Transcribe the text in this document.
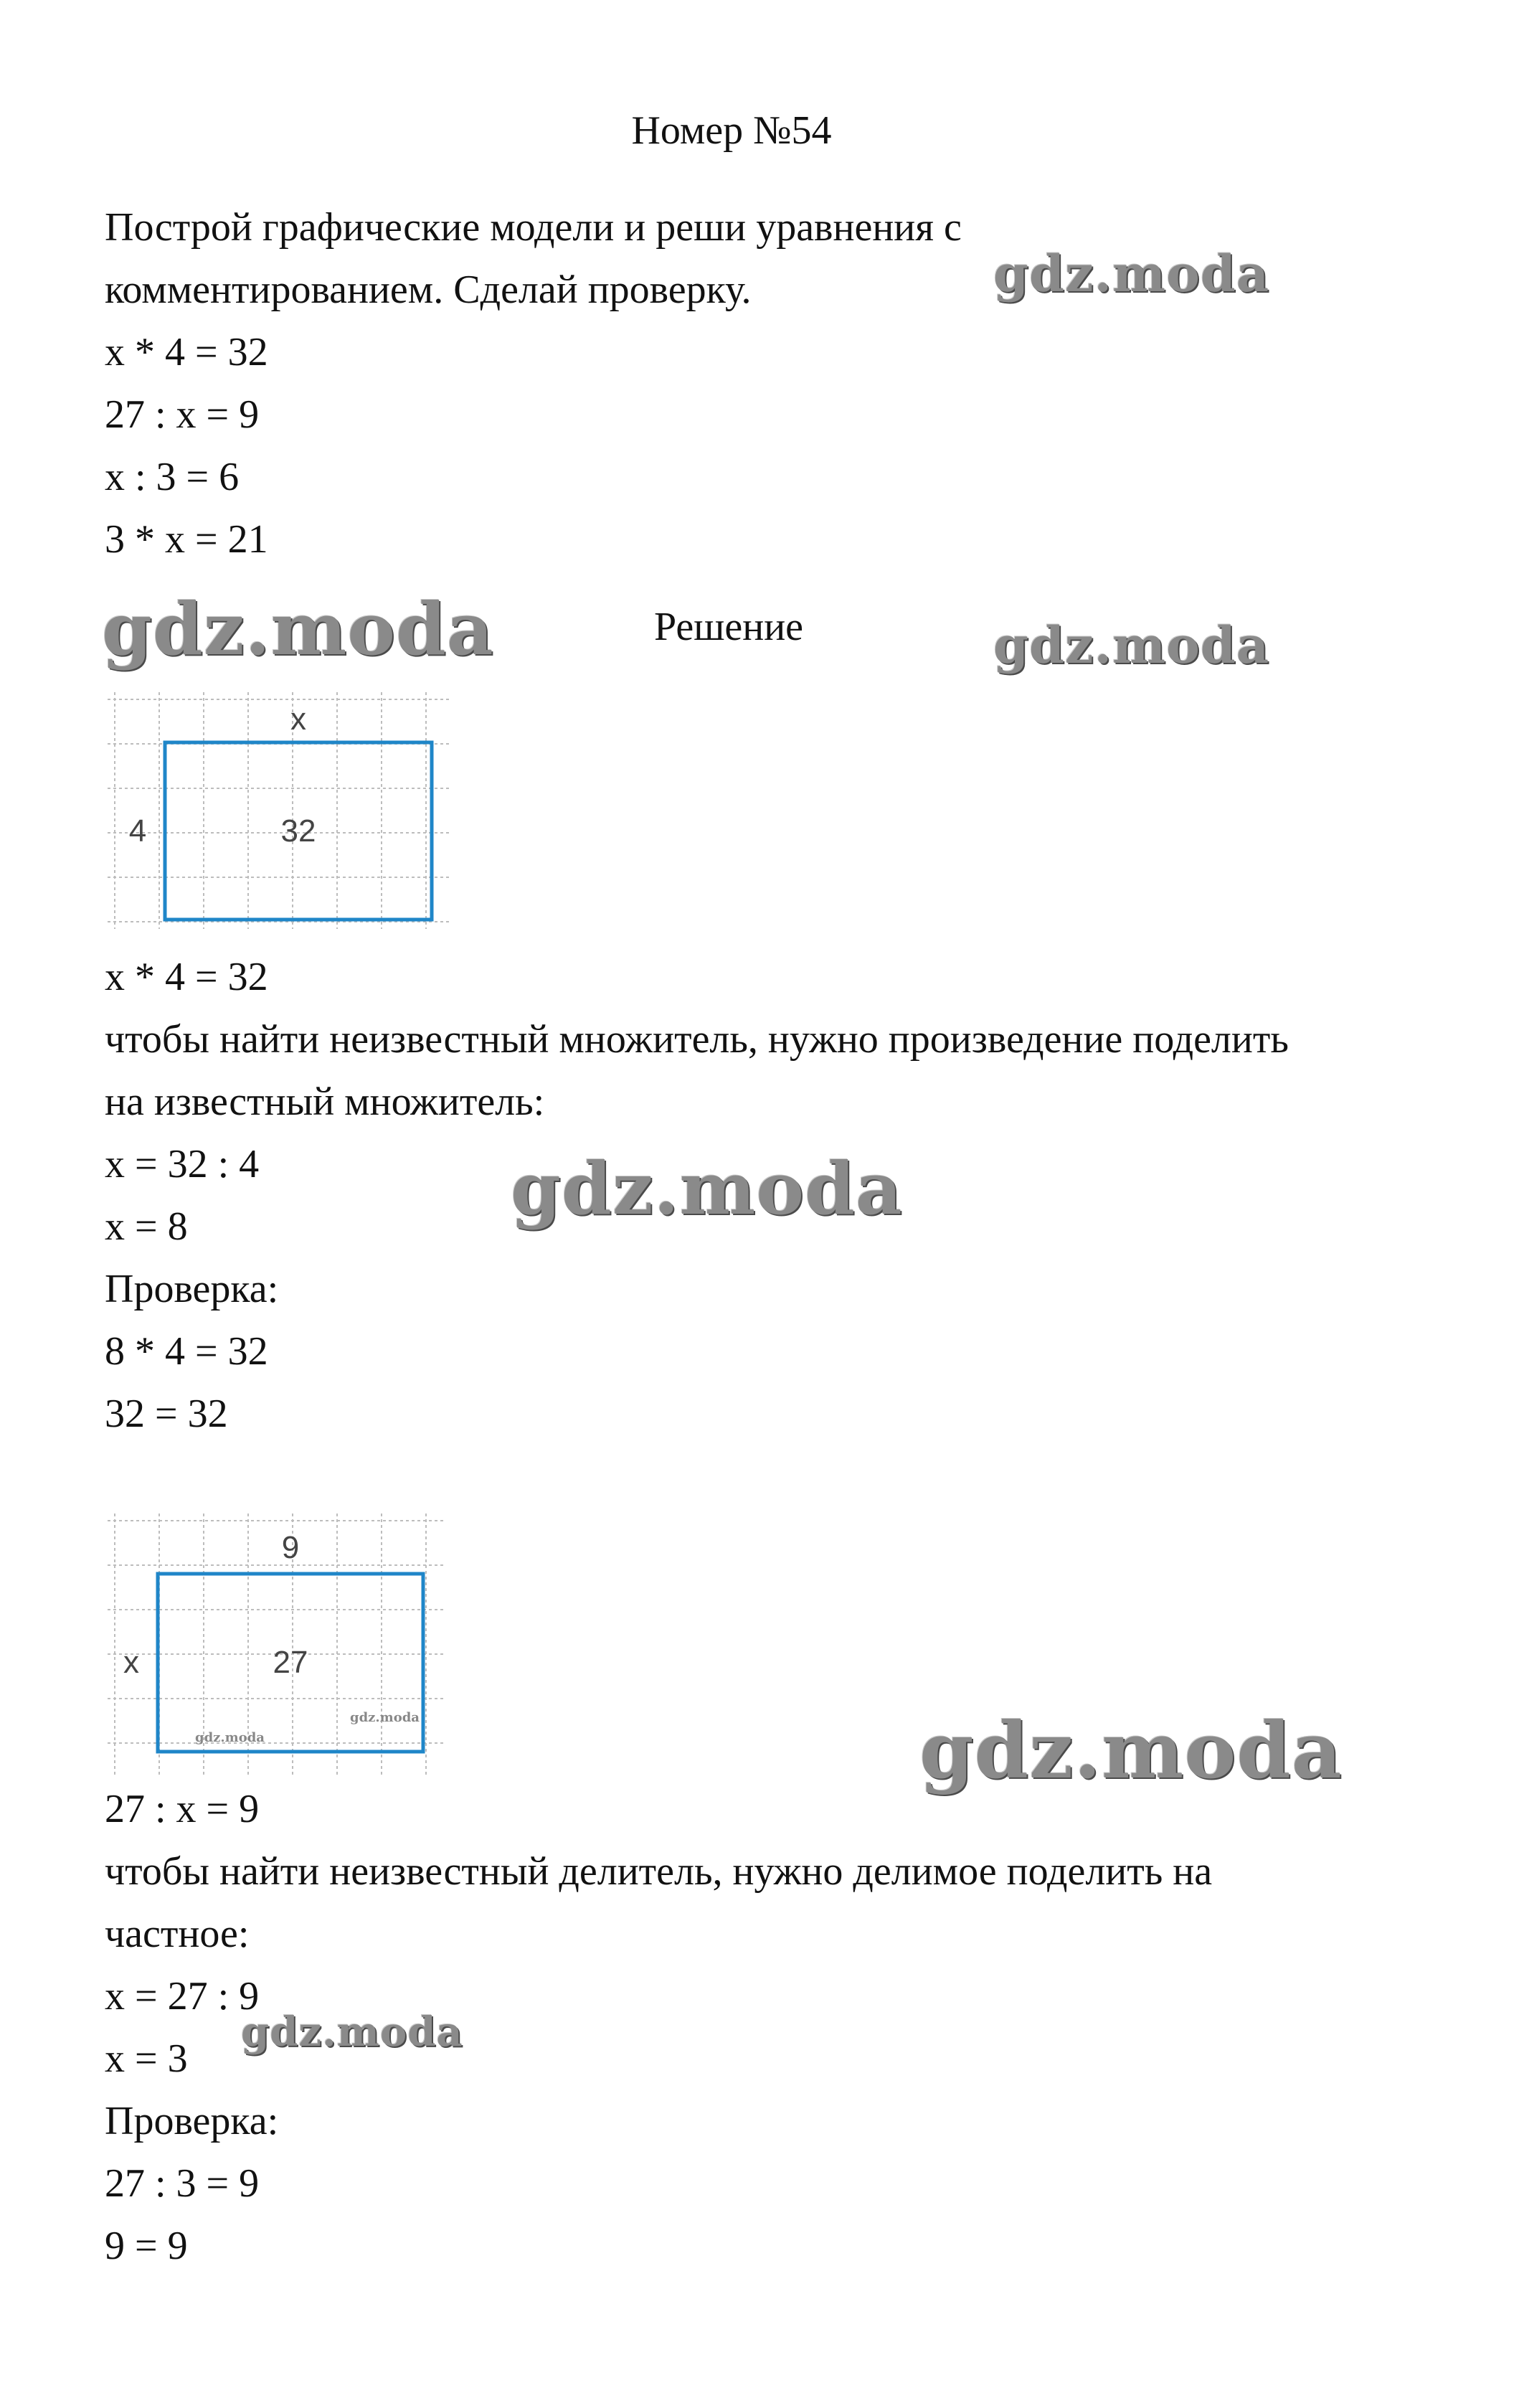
Номер №54
Построй графические модели и реши уравнения с
комментированием. Сделай проверку.
x * 4 = 32
27 : x = 9
x : 3 = 6
3 * x = 21
Решение
gdz.moda
gdz.moda	gdz.moda
gdz.moda
gdz.moda
gdz.moda
x
4	32
x * 4 = 32
чтобы найти неизвестный множитель, нужно произведение поделить
на известный множитель:
x = 32 : 4
x = 8
Проверка:
8 * 4 = 32
32 = 32
9
x	27
gdz.moda
gdz.moda
27 : x = 9
чтобы найти неизвестный делитель, нужно делимое поделить на
частное:
x = 27 : 9
x = 3
Проверка:
27 : 3 = 9
9 = 9
